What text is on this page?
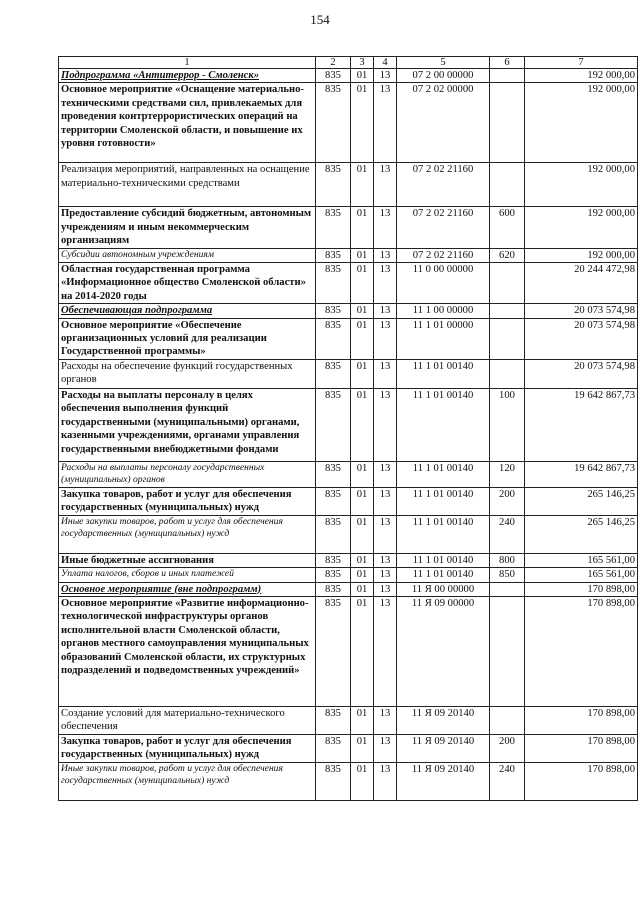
154
1	2	3	4	5	6	7
Подпрограмма «Антитеррор - Смоленск»	835	01	13	07 2 00 00000		192 000,00
Основное мероприятие «Оснащение материально-техническими средствами сил, привлекаемых для проведения контртеррористических операций на территории Смоленской области, и повышение их уровня готовности»	835	01	13	07 2 02 00000		192 000,00
Реализация мероприятий, направленных на оснащение материально-техническими средствами	835	01	13	07 2 02 21160		192 000,00
Предоставление субсидий бюджетным, автономным учреждениям и иным некоммерческим организациям	835	01	13	07 2 02 21160	600	192 000,00
Субсидии автономным учреждениям	835	01	13	07 2 02 21160	620	192 000,00
Областная государственная программа «Информационное общество Смоленской области» на 2014-2020 годы	835	01	13	11 0 00 00000		20 244 472,98
Обеспечивающая подпрограмма	835	01	13	11 1 00 00000		20 073 574,98
Основное мероприятие «Обеспечение организационных условий для реализации Государственной программы»	835	01	13	11 1 01 00000		20 073 574,98
Расходы на обеспечение функций государственных органов	835	01	13	11 1 01 00140		20 073 574,98
Расходы на выплаты персоналу в целях обеспечения выполнения функций государственными (муниципальными) органами, казенными учреждениями, органами управления государственными внебюджетными фондами	835	01	13	11 1 01 00140	100	19 642 867,73
Расходы на выплаты персоналу государственных (муниципальных) органов	835	01	13	11 1 01 00140	120	19 642 867,73
Закупка товаров, работ и услуг для обеспечения государственных (муниципальных) нужд	835	01	13	11 1 01 00140	200	265 146,25
Иные закупки товаров, работ и услуг для обеспечения государственных (муниципальных) нужд	835	01	13	11 1 01 00140	240	265 146,25
Иные бюджетные ассигнования	835	01	13	11 1 01 00140	800	165 561,00
Уплата налогов, сборов и иных платежей	835	01	13	11 1 01 00140	850	165 561,00
Основное мероприятие (вне подпрограмм)	835	01	13	11 Я 00 00000		170 898,00
Основное мероприятие «Развитие информационно-технологической инфраструктуры органов исполнительной власти Смоленской области, органов местного самоуправления муниципальных образований Смоленской области, их структурных подразделений и подведомственных учреждений»	835	01	13	11 Я 09 00000		170 898,00
Создание условий для материально-технического обеспечения	835	01	13	11 Я 09 20140		170 898,00
Закупка товаров, работ и услуг для обеспечения государственных (муниципальных) нужд	835	01	13	11 Я 09 20140	200	170 898,00
Иные закупки товаров, работ и услуг для обеспечения государственных (муниципальных) нужд	835	01	13	11 Я 09 20140	240	170 898,00
